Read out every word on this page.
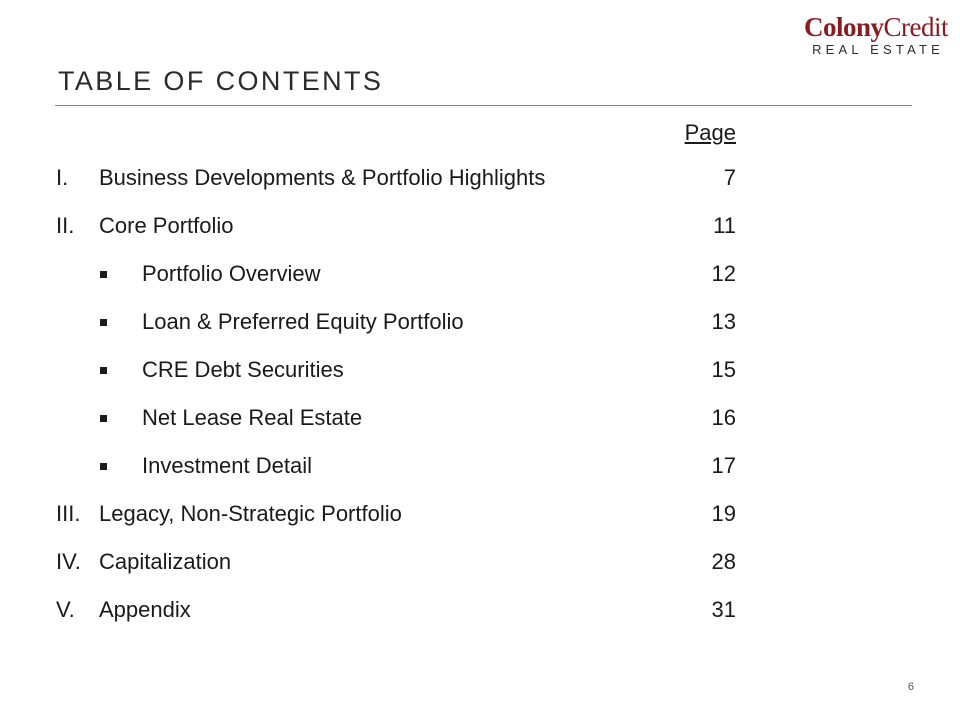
ColonyCredit
REAL ESTATE
TABLE OF CONTENTS
Page
I. Business Developments & Portfolio Highlights	7
II. Core Portfolio	11
Portfolio Overview	12
Loan & Preferred Equity Portfolio	13
CRE Debt Securities	15
Net Lease Real Estate	16
Investment Detail	17
III. Legacy, Non-Strategic Portfolio	19
IV. Capitalization	28
V. Appendix	31
6
